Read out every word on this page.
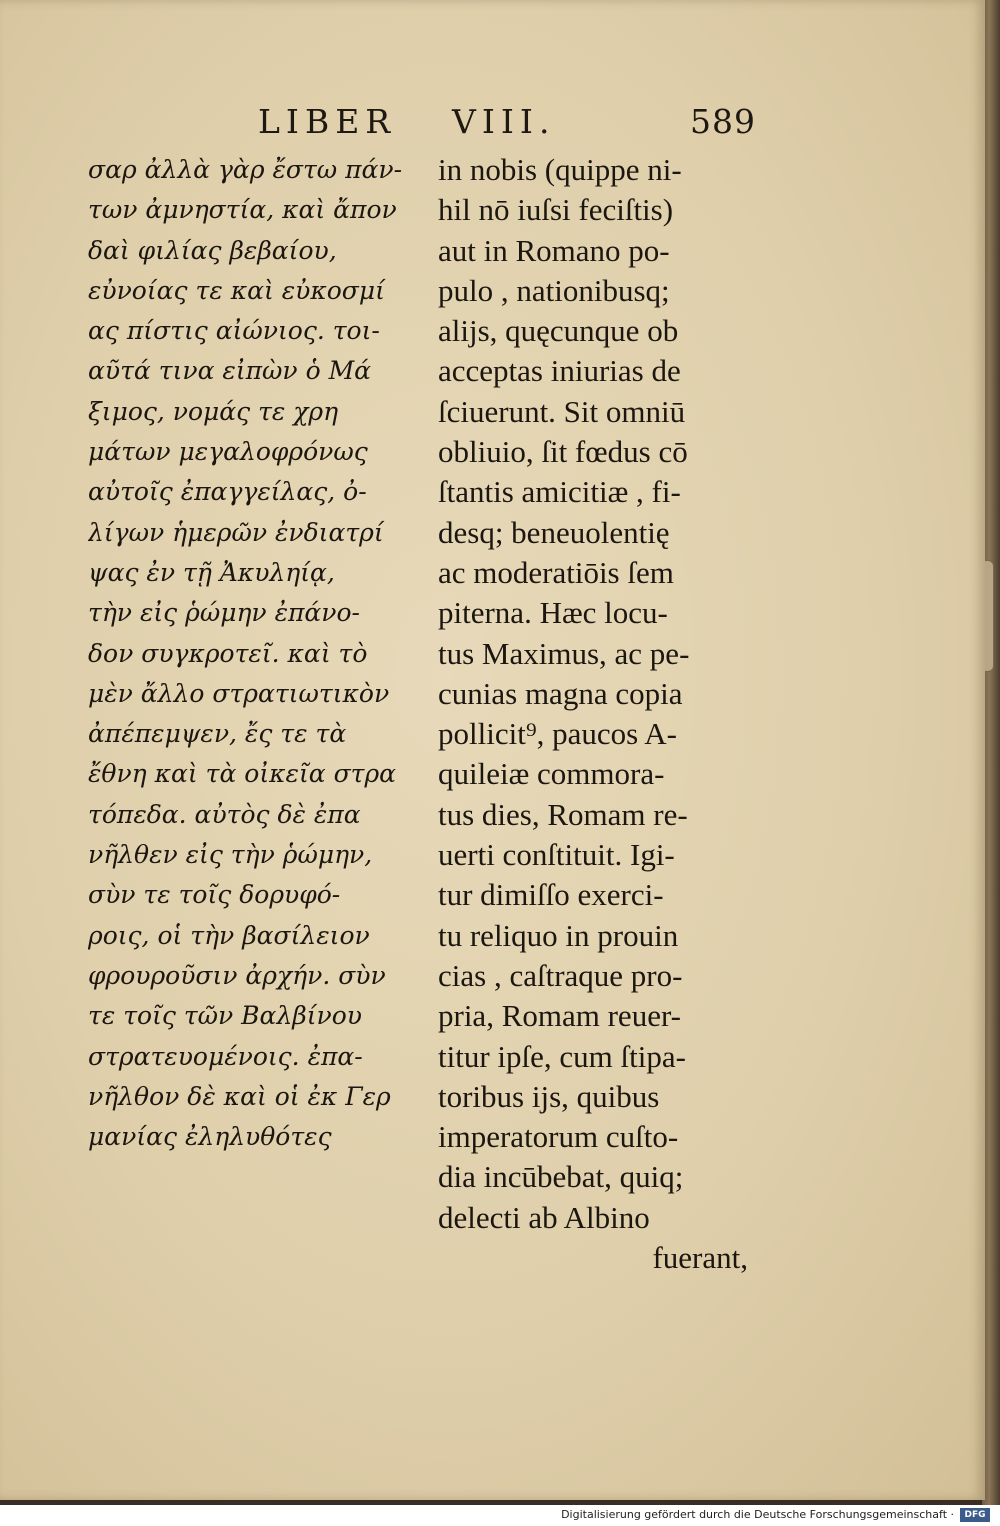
LIBER VIII.	589
σαρ ἀλλὰ γὰρ ἔστω πάν-
των ἀμνηστία, καὶ ἄπον
δαὶ φιλίας βεβαίου,
εὐνοίας τε καὶ εὐκοσμί
ας πίστις αἰώνιος. τοι-
αῦτά τινα εἰπὼν ὁ Μά
ξιμος, νομάς τε χρη
μάτων μεγαλοφρόνως
αὐτοῖς ἐπαγγείλας, ὀ-
λίγων ἡμερῶν ἐνδιατρί
ψας ἐν τῇ Ἀκυληίᾳ,
τὴν εἰς ῥώμην ἐπάνο-
δον συγκροτεῖ. καὶ τὸ
μὲν ἄλλο στρατιωτικὸν
ἀπέπεμψεν, ἔς τε τὰ
ἔθνη καὶ τὰ οἰκεῖα στρα
τόπεδα. αὐτὸς δὲ ἐπα
νῆλθεν εἰς τὴν ῥώμην,
σὺν τε τοῖς δορυφό-
ροις, οἱ τὴν βασίλειον
φρουροῦσιν ἀρχήν. σὺν
τε τοῖς τῶν Βαλβίνου
στρατευομένοις. ἐπα-
νῆλθον δὲ καὶ οἱ ἐκ Γερ
μανίας ἐληλυθότες
in nobis (quippe ni-
hil nō iuſsi feciſtis)
aut in Romano po-
pulo , nationibusq;
alijs, quęcunque ob
acceptas iniurias de
ſciuerunt. Sit omniū
obliuio, ſit fœdus cō
ſtantis amicitiæ , fi-
desq; beneuolentię
ac moderatiōis ſem
piterna. Hæc locu-
tus Maximus, ac pe-
cunias magna copia
pollicit⁹, paucos A-
quileiæ commora-
tus dies, Romam re-
uerti conſtituit. Igi-
tur dimiſſo exerci-
tu reliquo in prouin
cias , caſtraque pro-
pria, Romam reuer-
titur ipſe, cum ſtipa-
toribus ijs, quibus
imperatorum cuſto-
dia incūbebat, quiq;
delecti ab Albino
fuerant,
Digitalisierung gefördert durch die Deutsche Forschungsgemeinschaft ·	DFG
